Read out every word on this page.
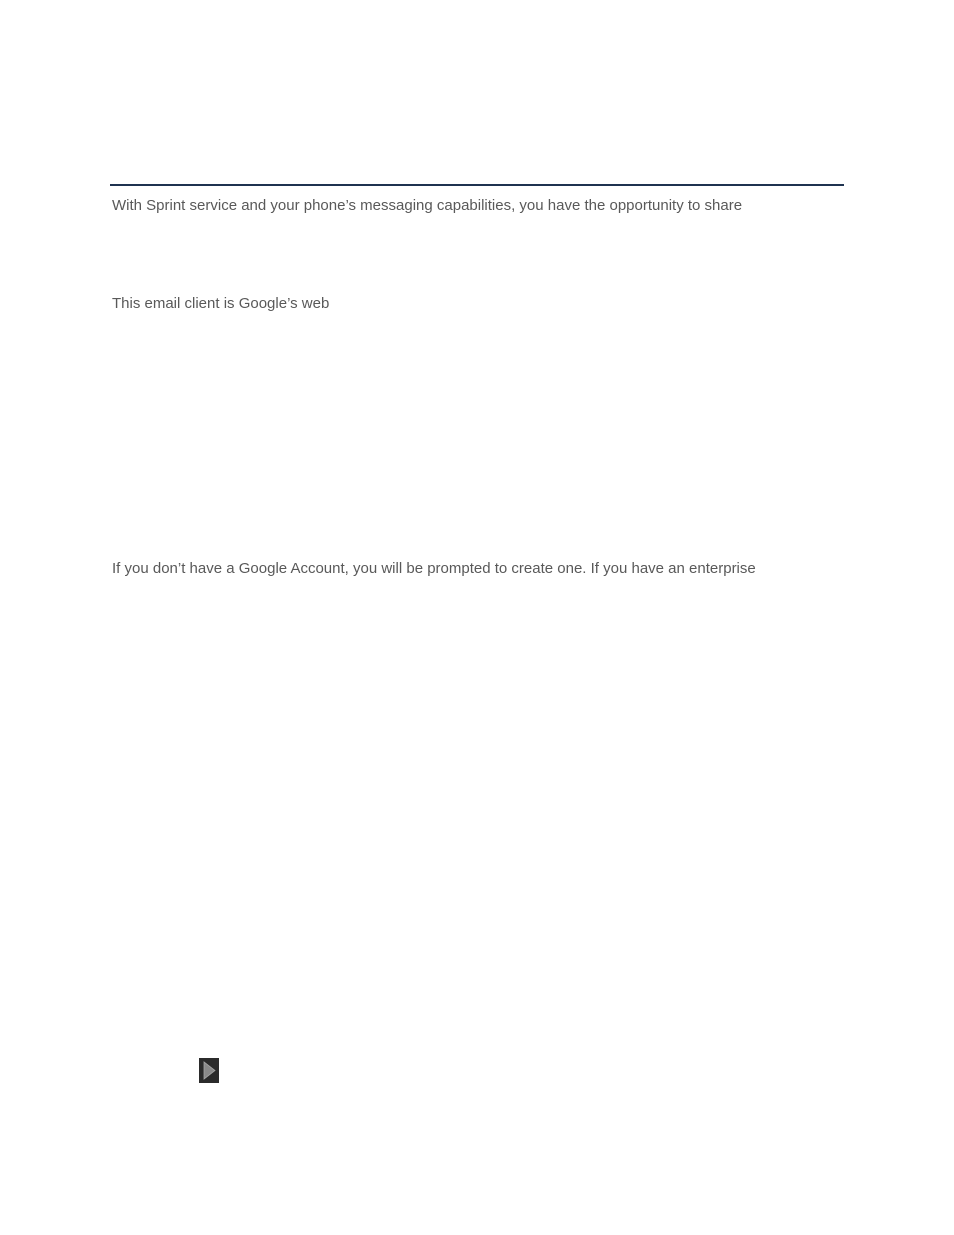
With Sprint service and your phone’s messaging capabilities, you have the opportunity to share

This email client is Google’s web

If you don’t have a Google Account, you will be prompted to create one. If you have an enterprise
